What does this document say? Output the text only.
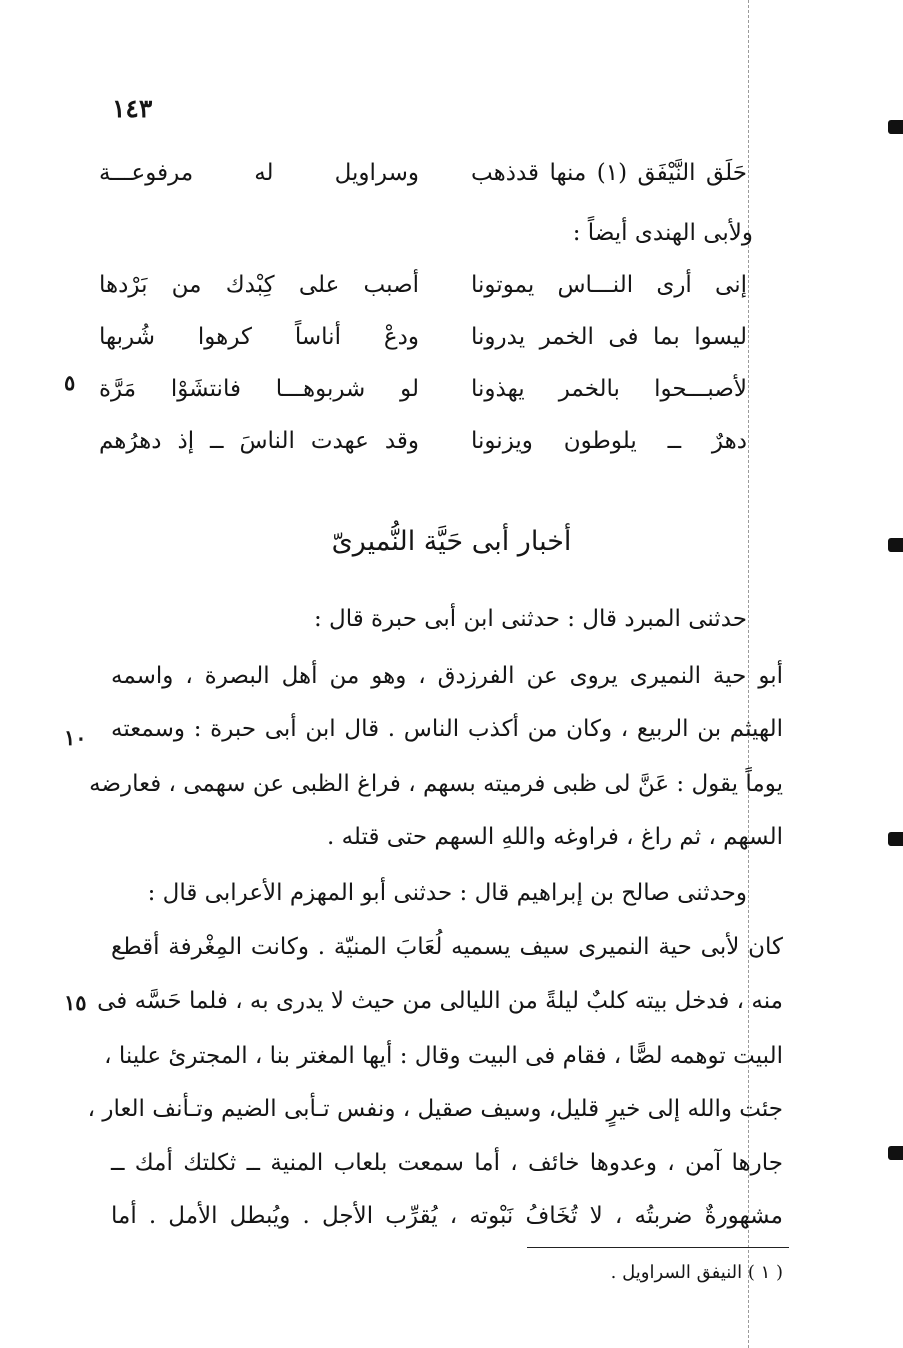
١٤٣
وسراويل له مرفوعـــة حَلَق النَّيْفَق (١) منها قدذهب
ولأبى الهندى أيضاً :
أصبب على كِبْدك من بَرْدها إنى أرى النـــاس يموتونا
ودعْ أناساً كرهوا شُربها ليسوا بما فى الخمر يدرونا
لو شربوهـــا فانتشَوْا مَرَّة لأصبـــحوا بالخمر يهذونا
وقد عهدت الناسَ ــ إذ دهرُهم دهرٌ ــ يلوطون ويزنونا
٥
أخبار أبى حَيَّة النُّميرىّ
حدثنى المبرد قال : حدثنى ابن أبى حبرة قال :
أبو حية النميرى يروى عن الفرزدق ، وهو من أهل البصرة ، واسمه
الهيثم بن الربيع ، وكان من أكذب الناس . قال ابن أبى حبرة : وسمعته
يوماً يقول : عَنَّ لى ظبى فرميته بسهم ، فراغ الظبى عن سهمى ، فعارضه
السهم ، ثم راغ ، فراوغه واللهِ السهم حتى قتله .
وحدثنى صالح بن إبراهيم قال : حدثنى أبو المهزم الأعرابى قال :
كان لأبى حية النميرى سيف يسميه لُعَابَ المنيّة . وكانت المِغْرفة أقطع
منه ، فدخل بيته كلبٌ ليلةً من الليالى من حيث لا يدرى به ، فلما حَسَّه فى
البيت توهمه لصًّا ، فقام فى البيت وقال : أيها المغتر بنا ، المجترئ علينا ،
جئت والله إلى خيرٍ قليل، وسيف صقيل ، ونفس تـأبى الضيم وتـأنف العار ،
جارها آمن ، وعدوها خائف ، أما سمعت بلعاب المنية ــ ثكلتك أمك ــ
مشهورةٌ ضربتُه ، لا تُخَافُ نَبْوته ، يُقرِّب الأجل . ويُبطل الأمل . أما
١٠
١٥
( ١ ) النيفق السراويل .
